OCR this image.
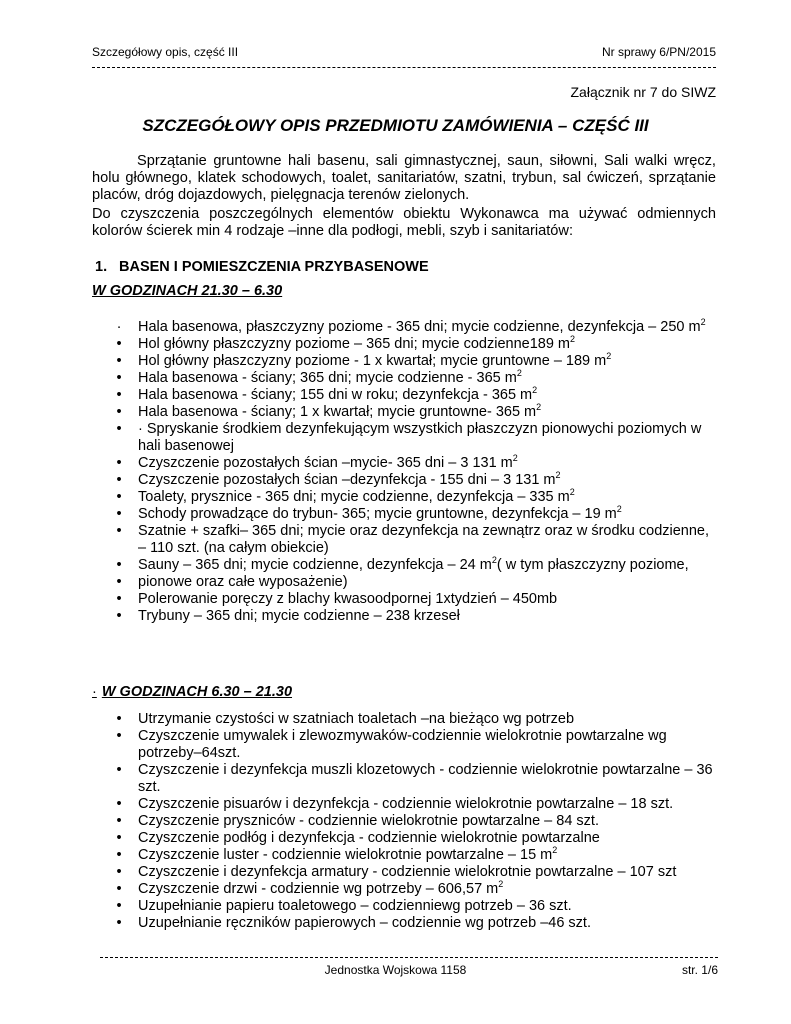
Szczegółowy opis, część III	Nr sprawy 6/PN/2015
Załącznik nr 7 do SIWZ
SZCZEGÓŁOWY OPIS PRZEDMIOTU ZAMÓWIENIA – CZĘŚĆ III

Sprzątanie gruntowne hali basenu, sali gimnastycznej, saun, siłowni, Sali walki wręcz, holu głównego, klatek schodowych, toalet, sanitariatów, szatni, trybun, sal ćwiczeń, sprzątanie placów, dróg dojazdowych, pielęgnacja terenów zielonych.

Do czyszczenia poszczególnych elementów obiektu Wykonawca ma używać odmiennych kolorów ścierek min 4 rodzaje –inne dla podłogi, mebli, szyb i sanitariatów:

1. BASEN I POMIESZCZENIA PRZYBASENOWE
W GODZINACH 21.30 – 6.30
· Hala basenowa, płaszczyzny poziome - 365 dni; mycie codzienne, dezynfekcja – 250 $m^2$
• Hol główny płaszczyzny poziome – 365 dni; mycie codzienne189 $m^2$
• Hol główny płaszczyzny poziome - 1 x kwartał; mycie gruntowne – 189 $m^2$
• Hala basenowa - ściany; 365 dni; mycie codzienne - 365 $m^2$
• Hala basenowa - ściany; 155 dni w roku; dezynfekcja - 365 $m^2$
• Hala basenowa - ściany; 1 x kwartał; mycie gruntowne- 365 $m^2$
• · Spryskanie środkiem dezynfekującym wszystkich płaszczyzn pionowychi poziomych w hali basenowej
• Czyszczenie pozostałych ścian –mycie- 365 dni – 3 131 $m^2$
• Czyszczenie pozostałych ścian –dezynfekcja - 155 dni – 3 131 $m^2$
• Toalety, prysznice - 365 dni; mycie codzienne, dezynfekcja – 335 $m^2$
• Schody prowadzące do trybun- 365; mycie gruntowne, dezynfekcja – 19 $m^2$
• Szatnie + szafki– 365 dni; mycie oraz dezynfekcja na zewnątrz oraz w środku codzienne, – 110 szt. (na całym obiekcie)
• Sauny – 365 dni; mycie codzienne, dezynfekcja – 24 $m^2$( w tym płaszczyzny poziome,
• pionowe oraz całe wyposażenie)
• Polerowanie poręczy z blachy kwasoodpornej 1xtydzień – 450mb
• Trybuny – 365 dni; mycie codzienne – 238 krzeseł
· W GODZINACH 6.30 – 21.30
• Utrzymanie czystości w szatniach toaletach –na bieżąco wg potrzeb
• Czyszczenie umywalek i zlewozmywaków-codziennie wielokrotnie powtarzalne wg potrzeby–64szt.
• Czyszczenie i dezynfekcja muszli klozetowych - codziennie wielokrotnie powtarzalne – 36 szt.
• Czyszczenie pisuarów i dezynfekcja - codziennie wielokrotnie powtarzalne – 18 szt.
• Czyszczenie pryszniców - codziennie wielokrotnie powtarzalne – 84 szt.
• Czyszczenie podłóg i dezynfekcja - codziennie wielokrotnie powtarzalne
• Czyszczenie luster - codziennie wielokrotnie powtarzalne – 15 $m^2$
• Czyszczenie i dezynfekcja armatury - codziennie wielokrotnie powtarzalne – 107 szt
• Czyszczenie drzwi - codziennie wg potrzeby – 606,57 $m^2$
• Uzupełnianie papieru toaletowego – codzienniewg potrzeb – 36 szt.
• Uzupełnianie ręczników papierowych – codziennie wg potrzeb –46 szt.
Jednostka Wojskowa 1158	str. 1/6
